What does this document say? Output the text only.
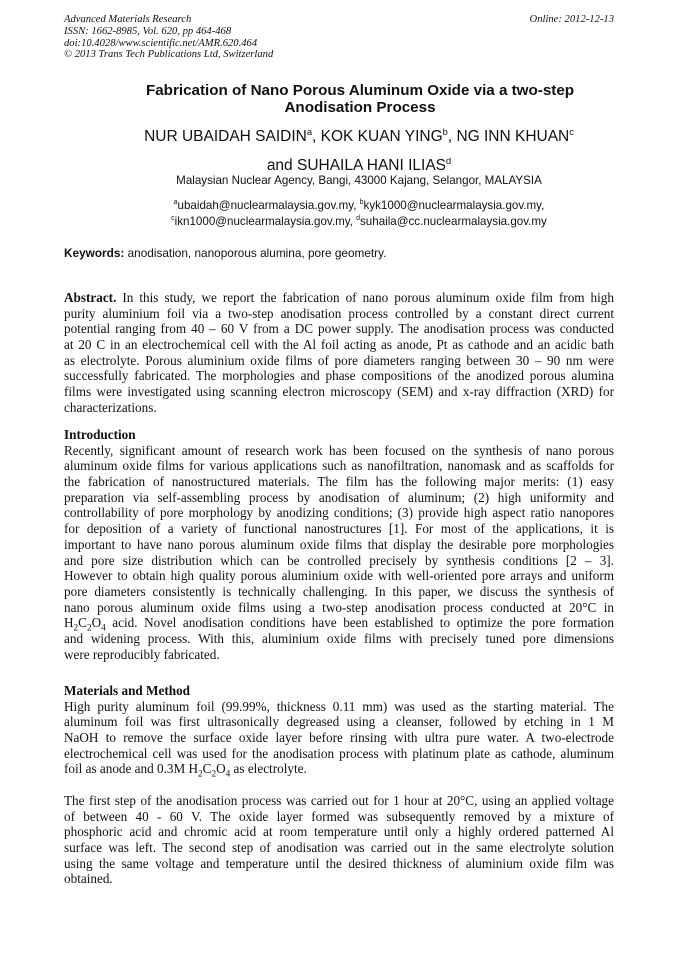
Advanced Materials Research
ISSN: 1662-8985, Vol. 620, pp 464-468
doi:10.4028/www.scientific.net/AMR.620.464
© 2013 Trans Tech Publications Ltd, Switzerland
Online: 2012-12-13
Fabrication of Nano Porous Aluminum Oxide via a two-step
Anodisation Process
NUR UBAIDAH SAIDIN$^a$, KOK KUAN YING$^b$, NG INN KHUAN$^c$
and SUHAILA HANI ILIAS$^d$
Malaysian Nuclear Agency, Bangi, 43000 Kajang, Selangor, MALAYSIA
$^a$ubaidah@nuclearmalaysia.gov.my, $^b$kyk1000@nuclearmalaysia.gov.my,
$^c$ikn1000@nuclearmalaysia.gov.my, $^d$suhaila@cc.nuclearmalaysia.gov.my
Keywords: anodisation, nanoporous alumina, pore geometry.
Abstract. In this study, we report the fabrication of nano porous aluminum oxide film from high
purity aluminium foil via a two-step anodisation process controlled by a constant direct current
potential ranging from 40 – 60 V from a DC power supply. The anodisation process was conducted
at 20 C in an electrochemical cell with the Al foil acting as anode, Pt as cathode and an acidic bath
as electrolyte. Porous aluminium oxide films of pore diameters ranging between 30 – 90 nm were
successfully fabricated. The morphologies and phase compositions of the anodized porous alumina
films were investigated using scanning electron microscopy (SEM) and x-ray diffraction (XRD) for
characterizations.
Introduction
Recently, significant amount of research work has been focused on the synthesis of nano porous
aluminum oxide films for various applications such as nanofiltration, nanomask and as scaffolds for
the fabrication of nanostructured materials. The film has the following major merits: (1) easy
preparation via self-assembling process by anodisation of aluminum; (2) high uniformity and
controllability of pore morphology by anodizing conditions; (3) provide high aspect ratio nanopores
for deposition of a variety of functional nanostructures [1]. For most of the applications, it is
important to have nano porous aluminum oxide films that display the desirable pore morphologies
and pore size distribution which can be controlled precisely by synthesis conditions [2 – 3].
However to obtain high quality porous aluminium oxide with well-oriented pore arrays and uniform
pore diameters consistently is technically challenging. In this paper, we discuss the synthesis of
nano porous aluminum oxide films using a two-step anodisation process conducted at 20°C in
$H_2C_2O_4$ acid. Novel anodisation conditions have been established to optimize the pore formation
and widening process. With this, aluminium oxide films with precisely tuned pore dimensions
were reproducibly fabricated.
Materials and Method
High purity aluminum foil (99.99%, thickness 0.11 mm) was used as the starting material. The
aluminum foil was first ultrasonically degreased using a cleanser, followed by etching in 1 M
NaOH to remove the surface oxide layer before rinsing with ultra pure water. A two-electrode
electrochemical cell was used for the anodisation process with platinum plate as cathode, aluminum
foil as anode and 0.3M $H_2C_2O_4$ as electrolyte.
The first step of the anodisation process was carried out for 1 hour at 20°C, using an applied voltage
of between 40 - 60 V. The oxide layer formed was subsequently removed by a mixture of
phosphoric acid and chromic acid at room temperature until only a highly ordered patterned Al
surface was left. The second step of anodisation was carried out in the same electrolyte solution
using the same voltage and temperature until the desired thickness of aluminium oxide film was
obtained.
